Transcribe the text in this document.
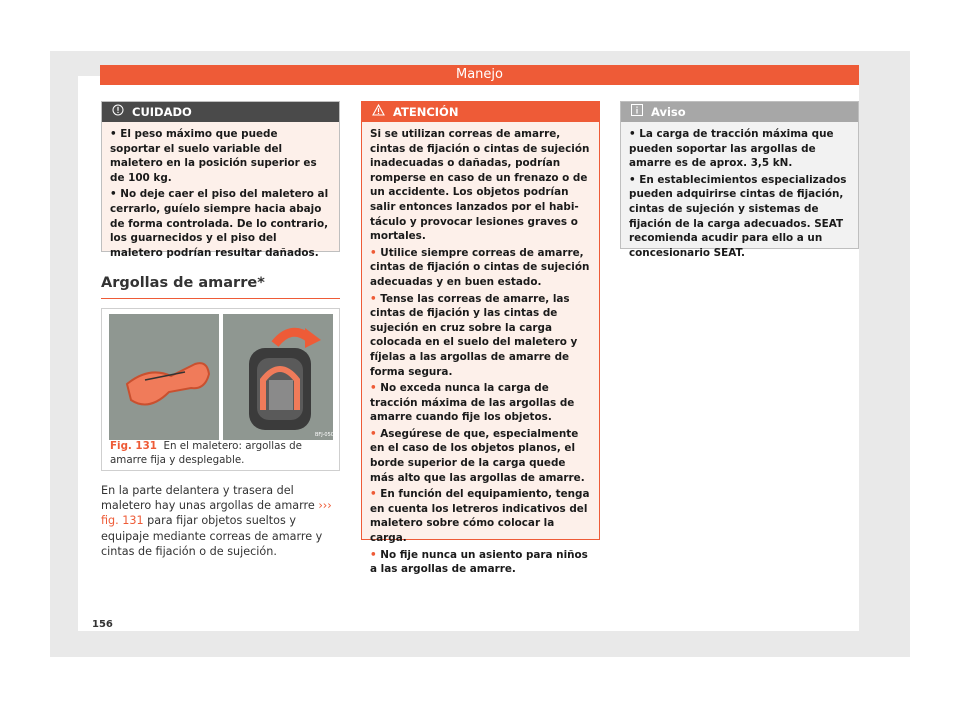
Manejo
CUIDADO

• El peso máximo que puede soportar el suelo variable del maletero en la posición superior es de 100 kg.

• No deje caer el piso del maletero al cerrarlo, guíelo siempre hacia abajo de forma controlada. De lo contrario, los guarnecidos y el piso del maletero podrían resultar dañados.

Argollas de amarre*
BFJ-0502
Fig. 131 En el maletero: argollas de amarre fija y desplegable.
En la parte delantera y trasera del maletero hay unas argollas de amarre ››› fig. 131 para fijar objetos sueltos y equipaje mediante correas de amarre y cintas de fijación o de sujeción.
ATENCIÓN

Si se utilizan correas de amarre, cintas de fijación o cintas de sujeción inadecuadas o dañadas, podrían romperse en caso de un frenazo o de un accidente. Los objetos podrían salir entonces lanzados por el habitáculo y provocar lesiones graves o mortales.

• Utilice siempre correas de amarre, cintas de fijación o cintas de sujeción adecuadas y en buen estado.

• Tense las correas de amarre, las cintas de fijación y las cintas de sujeción en cruz sobre la carga colocada en el suelo del maletero y fíjelas a las argollas de amarre de forma segura.

• No exceda nunca la carga de tracción máxima de las argollas de amarre cuando fije los objetos.

• Asegúrese de que, especialmente en el caso de los objetos planos, el borde superior de la carga quede más alto que las argollas de amarre.

• En función del equipamiento, tenga en cuenta los letreros indicativos del maletero sobre cómo colocar la carga.

• No fije nunca un asiento para niños a las argollas de amarre.

Aviso

• La carga de tracción máxima que pueden soportar las argollas de amarre es de aprox. 3,5 kN.

• En establecimientos especializados pueden adquirirse cintas de fijación, cintas de sujeción y sistemas de fijación de la carga adecuados. SEAT recomienda acudir para ello a un concesionario SEAT.

156
